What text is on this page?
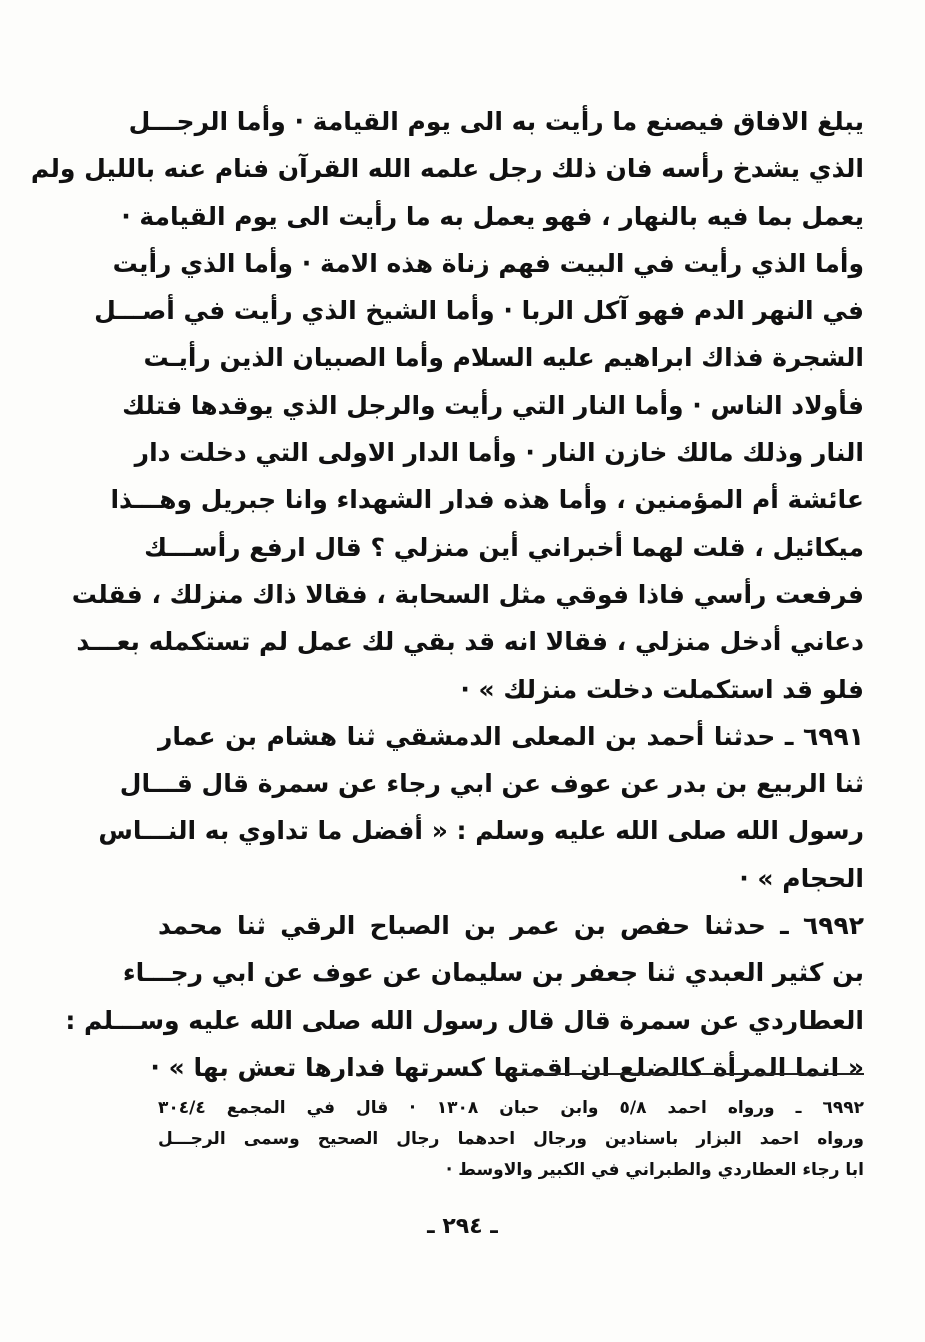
يبلغ الافاق فيصنع ما رأيت به الى يوم القيامة · وأما الرجـــل
الذي يشدخ رأسه فان ذلك رجل علمه الله القرآن فنام عنه بالليل ولم
يعمل بما فيه بالنهار ، فهو يعمل به ما رأيت الى يوم القيامة ·
وأما الذي رأيت في البيت فهم زناة هذه الامة · وأما الذي رأيت
في النهر الدم فهو آكل الربا · وأما الشيخ الذي رأيت في أصـــل
الشجرة فذاك ابراهيم عليه السلام وأما الصبيان الذين رأيـت
فأولاد الناس · وأما النار التي رأيت والرجل الذي يوقدها فتلك
النار وذلك مالك خازن النار · وأما الدار الاولى التي دخلت دار
عائشة أم المؤمنين ، وأما هذه فدار الشهداء وانا جبريل وهـــذا
ميكائيل ، قلت لهما أخبراني أين منزلي ؟ قال ارفع رأســـك
فرفعت رأسي فاذا فوقي مثل السحابة ، فقالا ذاك منزلك ، فقلت
دعاني أدخل منزلي ، فقالا انه قد بقي لك عمل لم تستكمله بعـــد
فلو قد استكملت دخلت منزلك » ·
٦٩٩١ ـ حدثنا أحمد بن المعلى الدمشقي ثنا هشام بن عمار
ثنا الربيع بن بدر عن عوف عن ابي رجاء عن سمرة قال قـــال
رسول الله صلى الله عليه وسلم : « أفضل ما تداوي به النـــاس
الحجام » ·
٦٩٩٢ ـ حدثنا حفص بن عمر بن الصباح الرقي ثنا محمد
بن كثير العبدي ثنا جعفر بن سليمان عن عوف عن ابي رجـــاء
العطاردي عن سمرة قال قال رسول الله صلى الله عليه وســـلم :
« انما المرأة كالضلع ان اقمتها كسرتها فدارها تعش بها » ·
٦٩٩٢ ـ ورواه احمد ٥/٨ وابن حبان ١٣٠٨ · قال في المجمع ٣٠٤/٤
ورواه احمد البزار باسنادين ورجال احدهما رجال الصحيح وسمى الرجـــل
ابا رجاء العطاردي والطبراني في الكبير والاوسط ·
ـ ٢٩٤ ـ
